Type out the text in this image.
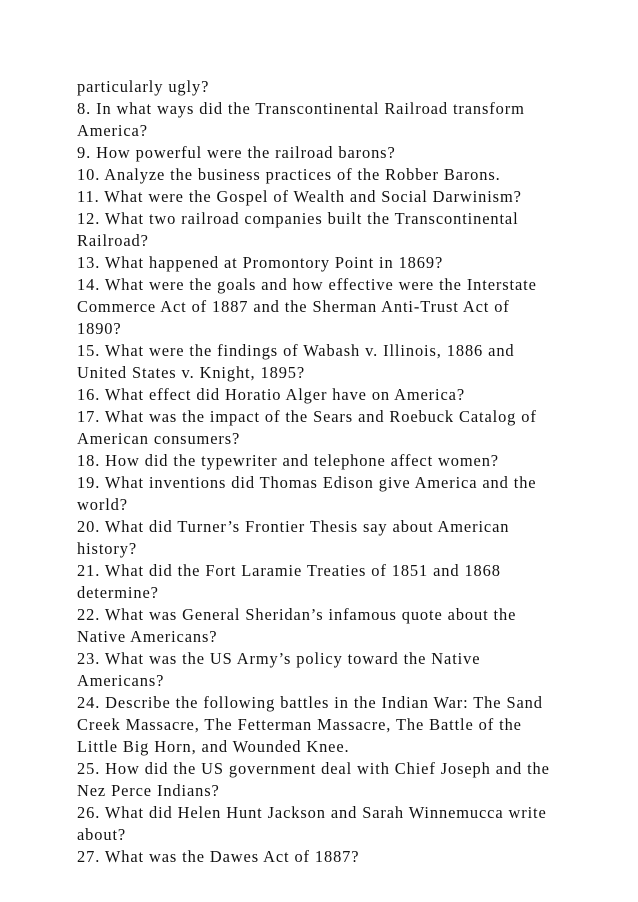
particularly ugly?
8. In what ways did the Transcontinental Railroad transform
America?
9. How powerful were the railroad barons?
10. Analyze the business practices of the Robber Barons.
11. What were the Gospel of Wealth and Social Darwinism?
12. What two railroad companies built the Transcontinental
Railroad?
13. What happened at Promontory Point in 1869?
14. What were the goals and how effective were the Interstate
Commerce Act of 1887 and the Sherman Anti-Trust Act of
1890?
15. What were the findings of Wabash v. Illinois, 1886 and
United States v. Knight, 1895?
16. What effect did Horatio Alger have on America?
17. What was the impact of the Sears and Roebuck Catalog of
American consumers?
18. How did the typewriter and telephone affect women?
19. What inventions did Thomas Edison give America and the
world?
20. What did Turner’s Frontier Thesis say about American
history?
21. What did the Fort Laramie Treaties of 1851 and 1868
determine?
22. What was General Sheridan’s infamous quote about the
Native Americans?
23. What was the US Army’s policy toward the Native
Americans?
24. Describe the following battles in the Indian War: The Sand
Creek Massacre, The Fetterman Massacre, The Battle of the
Little Big Horn, and Wounded Knee.
25. How did the US government deal with Chief Joseph and the
Nez Perce Indians?
26. What did Helen Hunt Jackson and Sarah Winnemucca write
about?
27. What was the Dawes Act of 1887?
